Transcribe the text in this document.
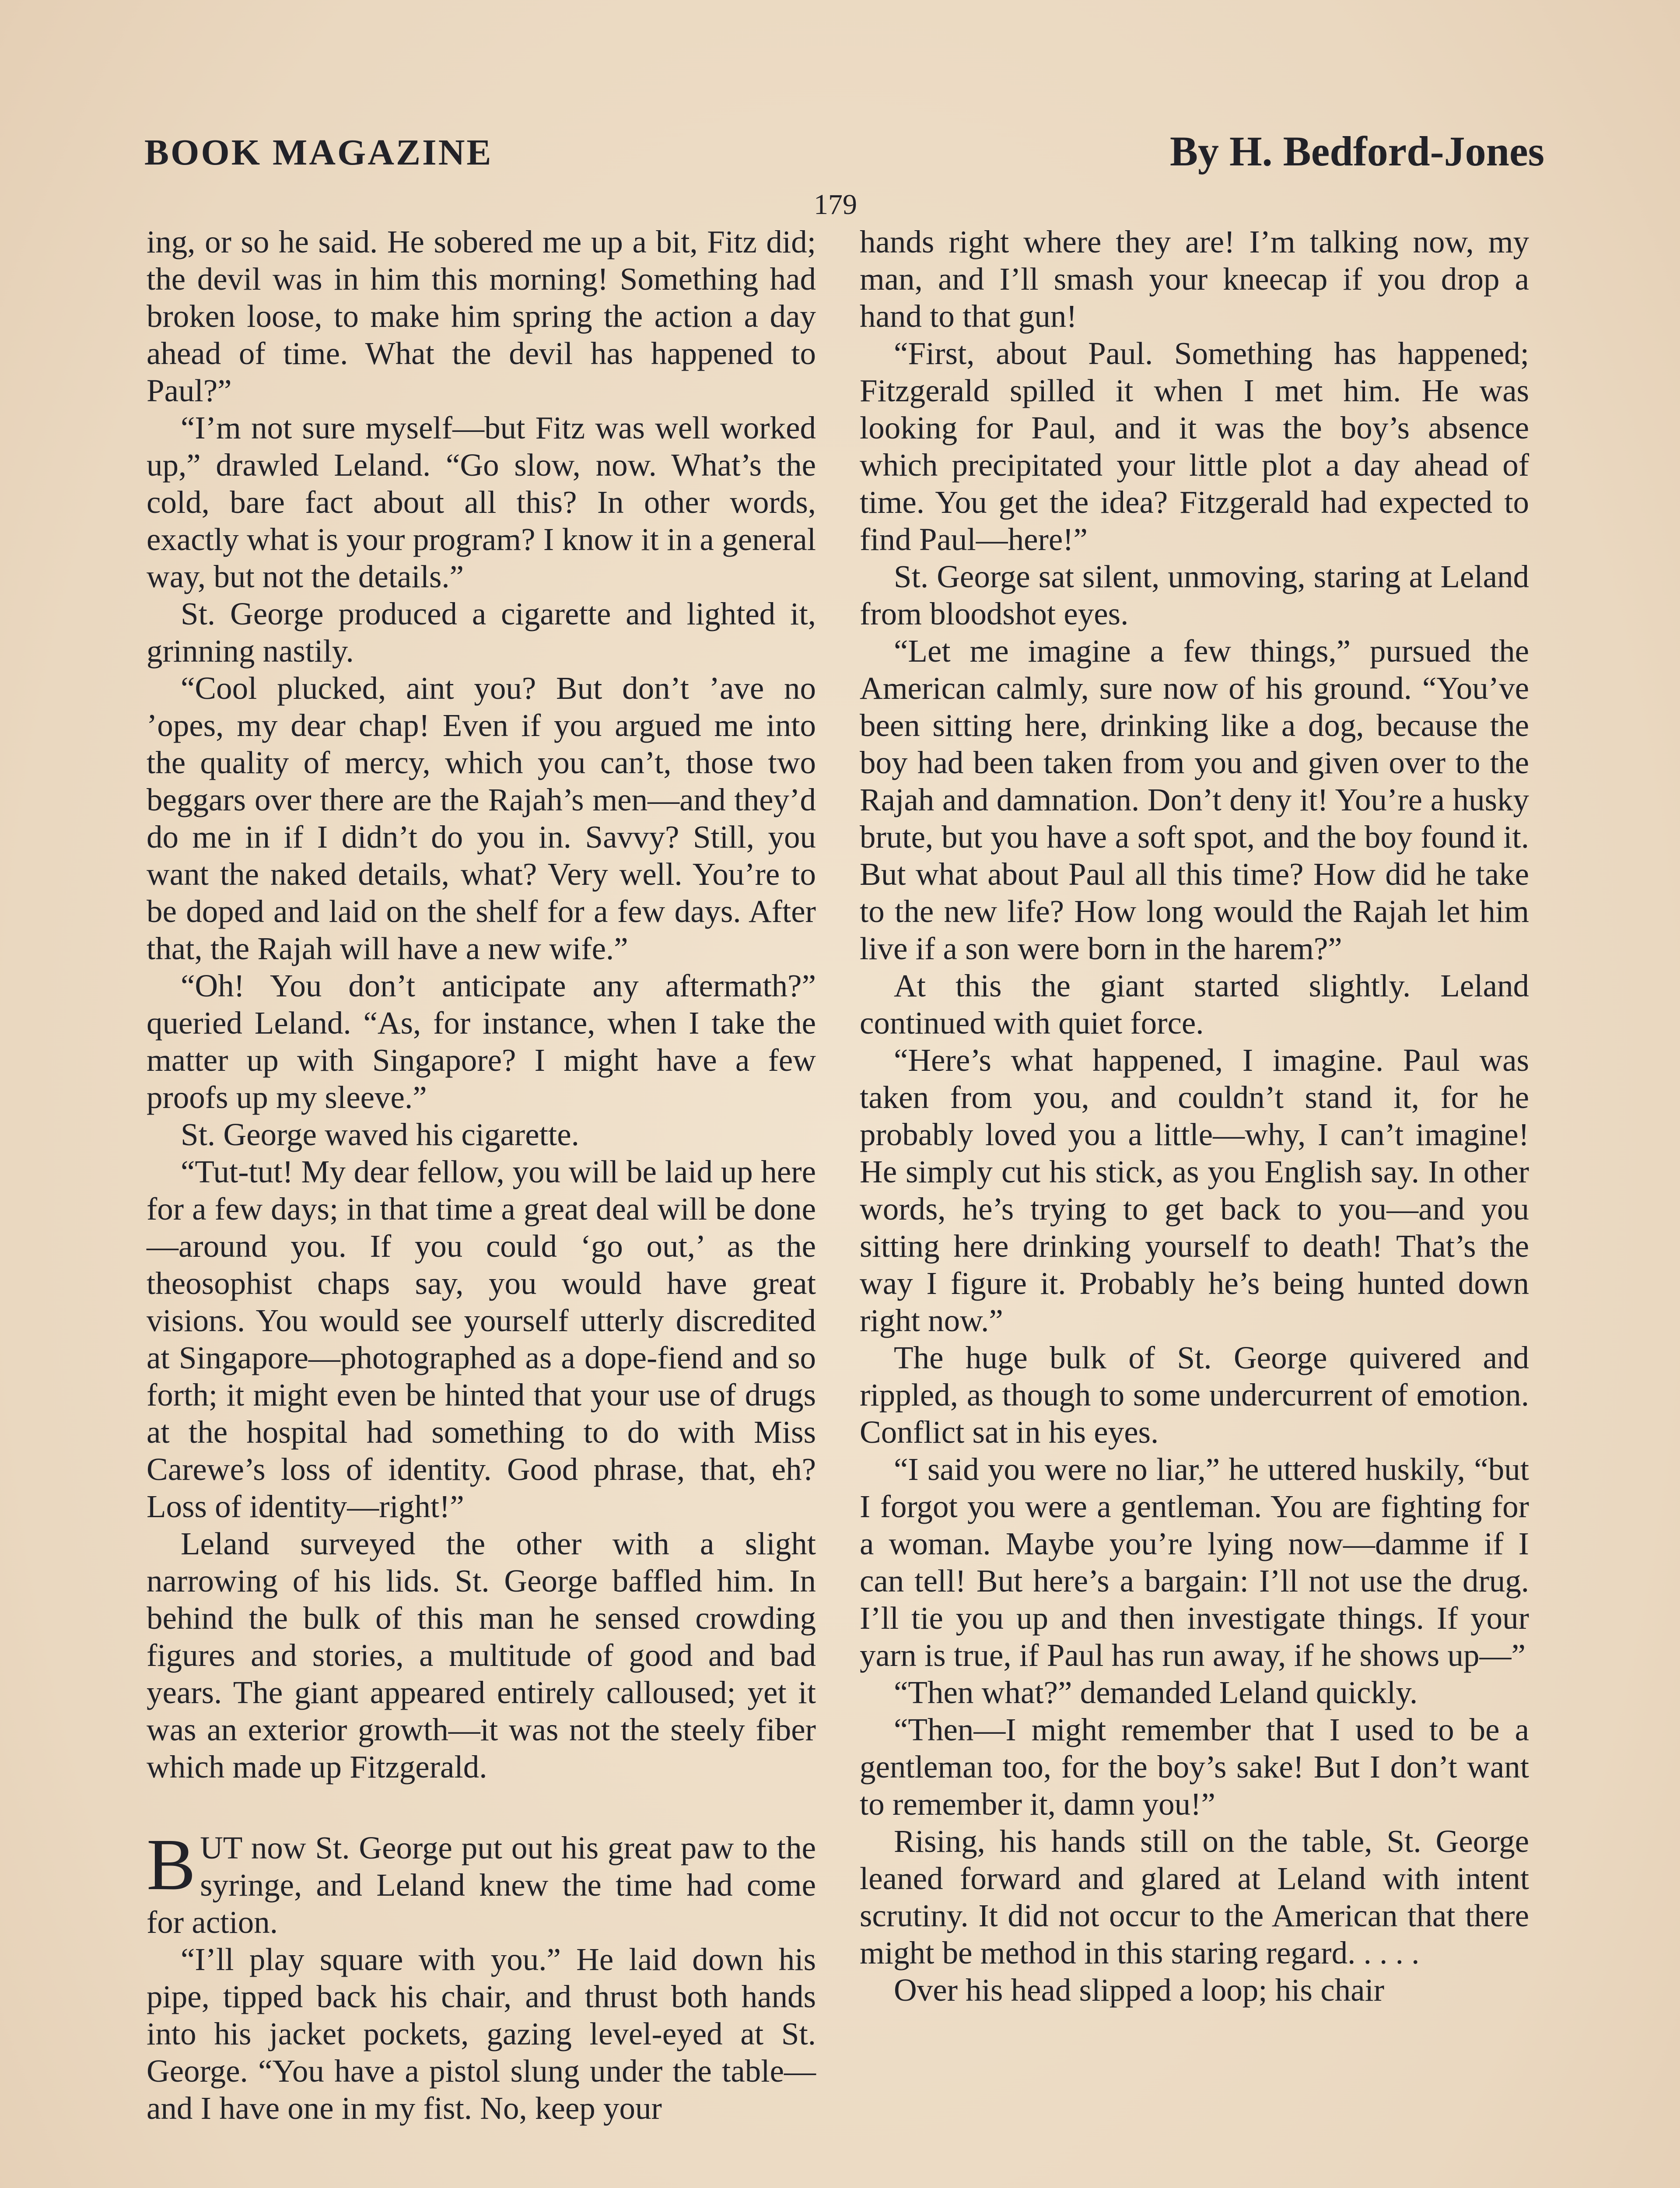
BOOK MAGAZINE	By H. Bedford-Jones
179

ing, or so he said. He sobered me up a bit, Fitz did; the devil was in him this morning! Something had broken loose, to make him spring the action a day ahead of time. What the devil has happened to Paul?”

“I’m not sure myself—but Fitz was well worked up,” drawled Leland. “Go slow, now. What’s the cold, bare fact about all this? In other words, exactly what is your program? I know it in a general way, but not the details.”

St. George produced a cigarette and lighted it, grinning nastily.

“Cool plucked, aint you? But don’t ’ave no ’opes, my dear chap! Even if you argued me into the quality of mercy, which you can’t, those two beggars over there are the Rajah’s men—and they’d do me in if I didn’t do you in. Savvy? Still, you want the naked details, what? Very well. You’re to be doped and laid on the shelf for a few days. After that, the Rajah will have a new wife.”

“Oh! You don’t anticipate any aftermath?” queried Leland. “As, for instance, when I take the matter up with Singapore? I might have a few proofs up my sleeve.”

St. George waved his cigarette.

“Tut-tut! My dear fellow, you will be laid up here for a few days; in that time a great deal will be done—around you. If you could ‘go out,’ as the theosophist chaps say, you would have great visions. You would see yourself utterly discredited at Singapore—photographed as a dope-fiend and so forth; it might even be hinted that your use of drugs at the hospital had something to do with Miss Carewe’s loss of identity. Good phrase, that, eh? Loss of identity—right!”

Leland surveyed the other with a slight narrowing of his lids. St. George baffled him. In behind the bulk of this man he sensed crowding figures and stories, a multitude of good and bad years. The giant appeared entirely calloused; yet it was an exterior growth—it was not the steely fiber which made up Fitzgerald.

BUT now St. George put out his great paw to the syringe, and Leland knew the time had come for action.

“I’ll play square with you.” He laid down his pipe, tipped back his chair, and thrust both hands into his jacket pockets, gazing level-eyed at St. George. “You have a pistol slung under the table—and I have one in my fist. No, keep your

hands right where they are! I’m talking now, my man, and I’ll smash your kneecap if you drop a hand to that gun!

“First, about Paul. Something has happened; Fitzgerald spilled it when I met him. He was looking for Paul, and it was the boy’s absence which precipitated your little plot a day ahead of time. You get the idea? Fitzgerald had expected to find Paul—here!”

St. George sat silent, unmoving, staring at Leland from bloodshot eyes.

“Let me imagine a few things,” pursued the American calmly, sure now of his ground. “You’ve been sitting here, drinking like a dog, because the boy had been taken from you and given over to the Rajah and damnation. Don’t deny it! You’re a husky brute, but you have a soft spot, and the boy found it. But what about Paul all this time? How did he take to the new life? How long would the Rajah let him live if a son were born in the harem?”

At this the giant started slightly. Leland continued with quiet force.

“Here’s what happened, I imagine. Paul was taken from you, and couldn’t stand it, for he probably loved you a little—why, I can’t imagine! He simply cut his stick, as you English say. In other words, he’s trying to get back to you—and you sitting here drinking yourself to death! That’s the way I figure it. Probably he’s being hunted down right now.”

The huge bulk of St. George quivered and rippled, as though to some undercurrent of emotion. Conflict sat in his eyes.

“I said you were no liar,” he uttered huskily, “but I forgot you were a gentleman. You are fighting for a woman. Maybe you’re lying now—damme if I can tell! But here’s a bargain: I’ll not use the drug. I’ll tie you up and then investigate things. If your yarn is true, if Paul has run away, if he shows up—”

“Then what?” demanded Leland quickly.

“Then—I might remember that I used to be a gentleman too, for the boy’s sake! But I don’t want to remember it, damn you!”

Rising, his hands still on the table, St. George leaned forward and glared at Leland with intent scrutiny. It did not occur to the American that there might be method in this staring regard. . . . .

Over his head slipped a loop; his chair
